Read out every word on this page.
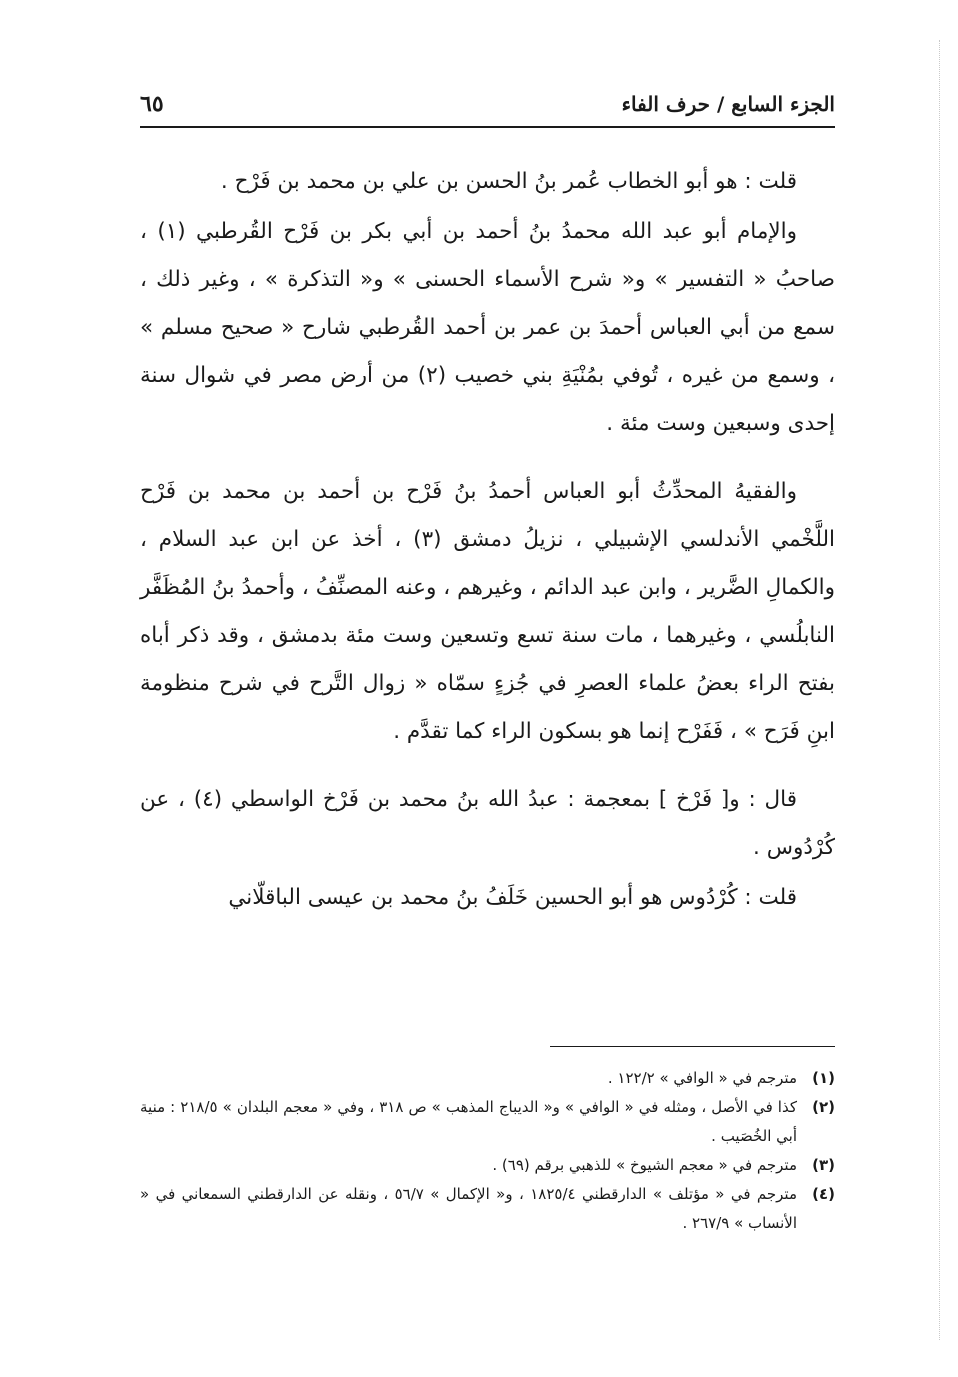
٦٥	الجزء السابع / حرف الفاء

قلت : هو أبو الخطاب عُمر بنُ الحسن بن علي بن محمد بن فَرْح .

والإمام أبو عبد الله محمدُ بنُ أحمد بن أبي بكر بن فَرْح القُرطبي (١) ، صاحبُ « التفسير » و« شرح الأسماء الحسنى » و« التذكرة » ، وغير ذلك ، سمع من أبي العباس أحمدَ بن عمر بن أحمد القُرطبي شارح « صحيح مسلم » ، وسمع من غيره ، تُوفي بمُنْيَةِ بني خصيب (٢) من أرض مصر في شوال سنة إحدى وسبعين وست مئة .

والفقيهُ المحدِّثُ أبو العباس أحمدُ بنُ فَرْح بن أحمد بن محمد بن فَرْح اللَّخْمي الأندلسي الإشبيلي ، نزيلُ دمشق (٣) ، أخذ عن ابن عبد السلام ، والكمالِ الضَّرير ، وابن عبد الدائم ، وغيرهم ، وعنه المصنِّفُ ، وأحمدُ بنُ المُظَفَّر النابلُسي ، وغيرهما ، مات سنة تسع وتسعين وست مئة بدمشق ، وقد ذكر أباه بفتح الراء بعضُ علماء العصرِ في جُزءٍ سمّاه « زوال التَّرح في شرح منظومة ابنِ فَرَح » ، فَفَرْح إنما هو بسكون الراء كما تقدَّم .

قال : و[ فَرْخ ] بمعجمة : عبدُ الله بنُ محمد بن فَرْخ الواسطي (٤) ، عن كُرْدُوس .

قلت : كُرْدُوس هو أبو الحسين خَلَفُ بنُ محمد بن عيسى الباقلّاني

(١)
مترجم في « الوافي » ١٢٢/٢ .
(٢)
كذا في الأصل ، ومثله في « الوافي » و« الديباج المذهب » ص ٣١٨ ، وفي « معجم البلدان » ٢١٨/٥ : منية أبي الخُصَيب .
(٣)
مترجم في « معجم الشيوخ » للذهبي برقم (٦٩) .
(٤)
مترجم في « مؤتلف » الدارقطني ١٨٢٥/٤ ، و« الإكمال » ٥٦/٧ ، ونقله عن الدارقطني السمعاني في « الأنساب » ٢٦٧/٩ .
